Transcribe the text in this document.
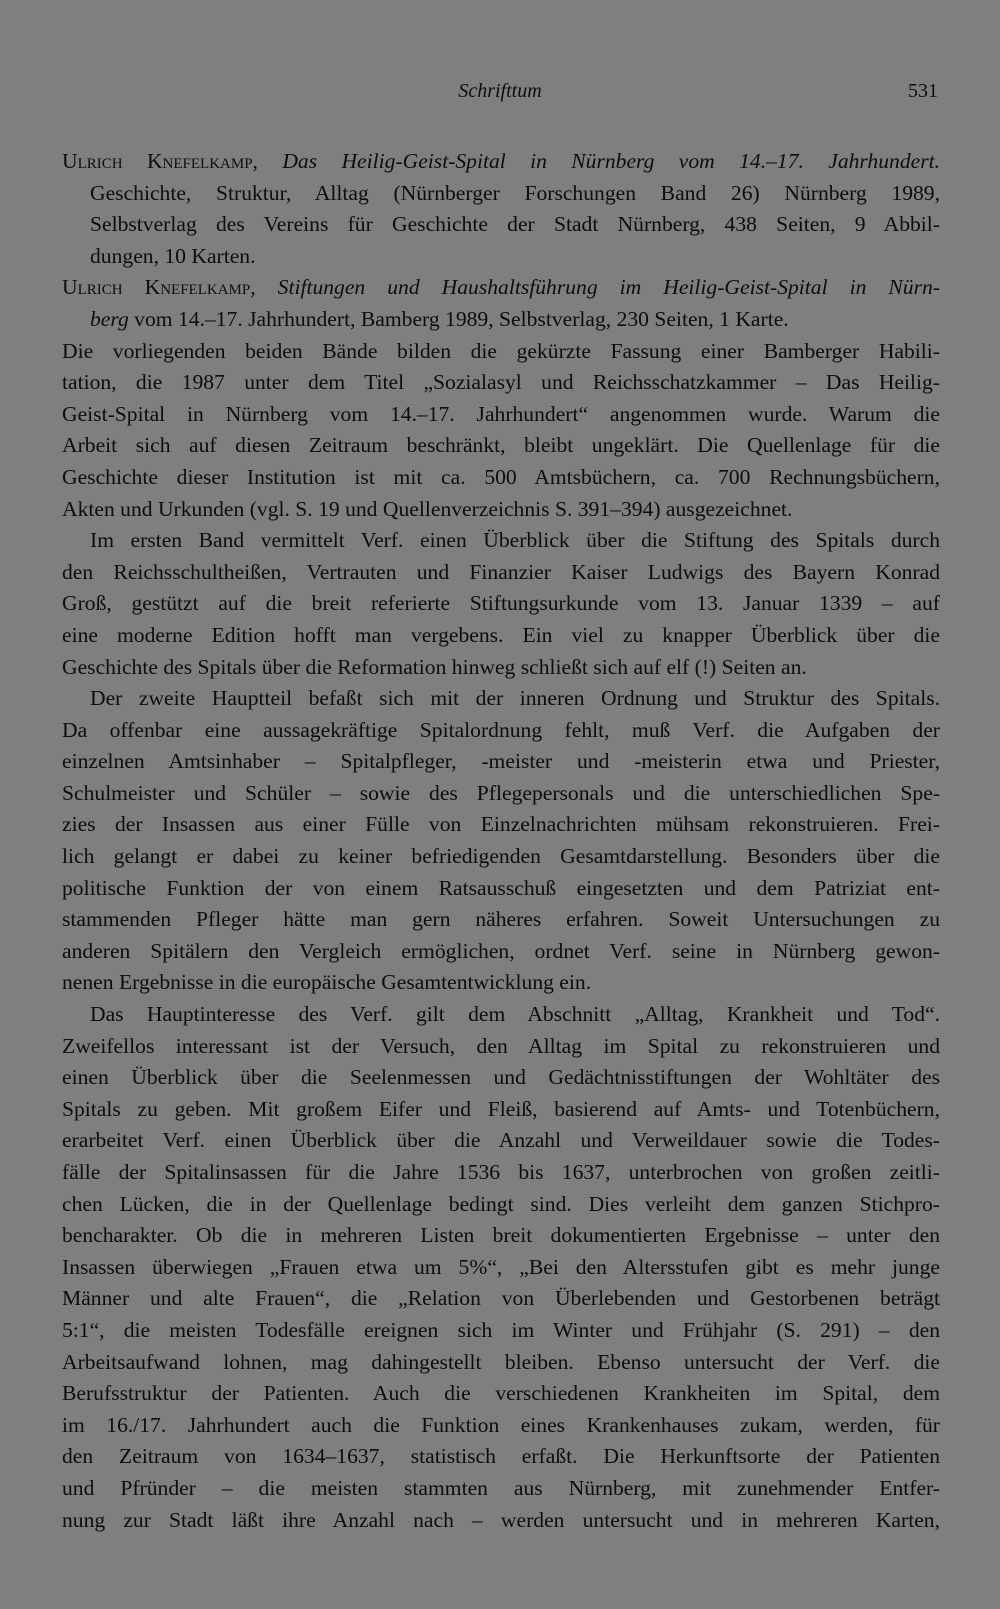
Schrifttum	531
Ulrich Knefelkamp, Das Heilig-Geist-Spital in Nürnberg vom 14.–17. Jahrhundert.
Geschichte, Struktur, Alltag (Nürnberger Forschungen Band 26) Nürnberg 1989,
Selbstverlag des Vereins für Geschichte der Stadt Nürnberg, 438 Seiten, 9 Abbil-
dungen, 10 Karten.
Ulrich Knefelkamp, Stiftungen und Haushaltsführung im Heilig-Geist-Spital in Nürn-
berg vom 14.–17. Jahrhundert, Bamberg 1989, Selbstverlag, 230 Seiten, 1 Karte.
Die vorliegenden beiden Bände bilden die gekürzte Fassung einer Bamberger Habili-
tation, die 1987 unter dem Titel „Sozialasyl und Reichsschatzkammer – Das Heilig-
Geist-Spital in Nürnberg vom 14.–17. Jahrhundert“ angenommen wurde. Warum die
Arbeit sich auf diesen Zeitraum beschränkt, bleibt ungeklärt. Die Quellenlage für die
Geschichte dieser Institution ist mit ca. 500 Amtsbüchern, ca. 700 Rechnungsbüchern,
Akten und Urkunden (vgl. S. 19 und Quellenverzeichnis S. 391–394) ausgezeichnet.
Im ersten Band vermittelt Verf. einen Überblick über die Stiftung des Spitals durch
den Reichsschultheißen, Vertrauten und Finanzier Kaiser Ludwigs des Bayern Konrad
Groß, gestützt auf die breit referierte Stiftungsurkunde vom 13. Januar 1339 – auf
eine moderne Edition hofft man vergebens. Ein viel zu knapper Überblick über die
Geschichte des Spitals über die Reformation hinweg schließt sich auf elf (!) Seiten an.
Der zweite Hauptteil befaßt sich mit der inneren Ordnung und Struktur des Spitals.
Da offenbar eine aussagekräftige Spitalordnung fehlt, muß Verf. die Aufgaben der
einzelnen Amtsinhaber – Spitalpfleger, -meister und -meisterin etwa und Priester,
Schulmeister und Schüler – sowie des Pflegepersonals und die unterschiedlichen Spe-
zies der Insassen aus einer Fülle von Einzelnachrichten mühsam rekonstruieren. Frei-
lich gelangt er dabei zu keiner befriedigenden Gesamtdarstellung. Besonders über die
politische Funktion der von einem Ratsausschuß eingesetzten und dem Patriziat ent-
stammenden Pfleger hätte man gern näheres erfahren. Soweit Untersuchungen zu
anderen Spitälern den Vergleich ermöglichen, ordnet Verf. seine in Nürnberg gewon-
nenen Ergebnisse in die europäische Gesamtentwicklung ein.
Das Hauptinteresse des Verf. gilt dem Abschnitt „Alltag, Krankheit und Tod“.
Zweifellos interessant ist der Versuch, den Alltag im Spital zu rekonstruieren und
einen Überblick über die Seelenmessen und Gedächtnisstiftungen der Wohltäter des
Spitals zu geben. Mit großem Eifer und Fleiß, basierend auf Amts- und Totenbüchern,
erarbeitet Verf. einen Überblick über die Anzahl und Verweildauer sowie die Todes-
fälle der Spitalinsassen für die Jahre 1536 bis 1637, unterbrochen von großen zeitli-
chen Lücken, die in der Quellenlage bedingt sind. Dies verleiht dem ganzen Stichpro-
bencharakter. Ob die in mehreren Listen breit dokumentierten Ergebnisse – unter den
Insassen überwiegen „Frauen etwa um 5%“, „Bei den Altersstufen gibt es mehr junge
Männer und alte Frauen“, die „Relation von Überlebenden und Gestorbenen beträgt
5:1“, die meisten Todesfälle ereignen sich im Winter und Frühjahr (S. 291) – den
Arbeitsaufwand lohnen, mag dahingestellt bleiben. Ebenso untersucht der Verf. die
Berufsstruktur der Patienten. Auch die verschiedenen Krankheiten im Spital, dem
im 16./17. Jahrhundert auch die Funktion eines Krankenhauses zukam, werden, für
den Zeitraum von 1634–1637, statistisch erfaßt. Die Herkunftsorte der Patienten
und Pfründer – die meisten stammten aus Nürnberg, mit zunehmender Entfer-
nung zur Stadt läßt ihre Anzahl nach – werden untersucht und in mehreren Karten,
